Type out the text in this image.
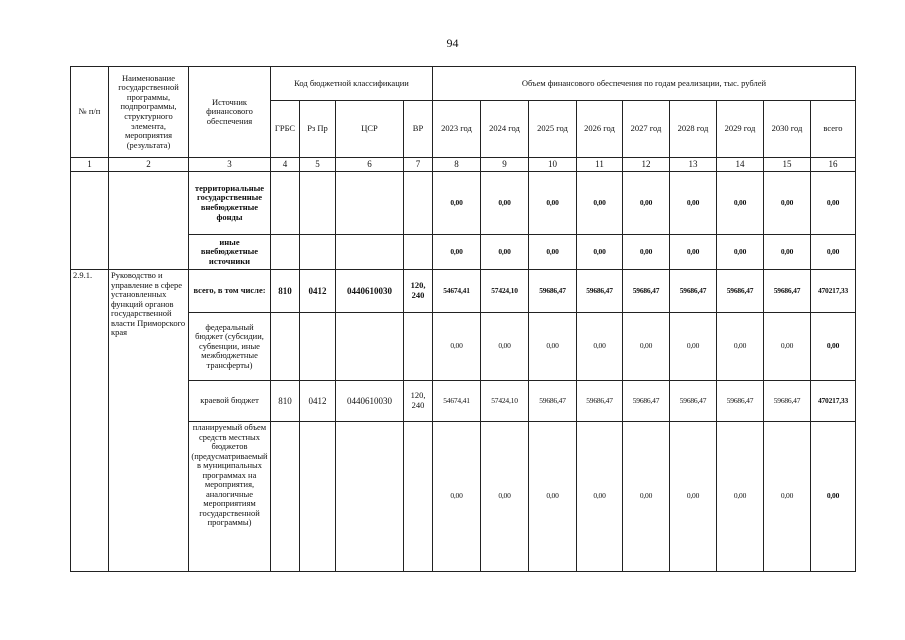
94
№ п/п	Наименование государственной программы, подпрограммы, структурного элемента, мероприятия (результата)	Источник финансового обеспечения	Код бюджетной классификации				Объем финансового обеспечения по годам реализации, тыс. рублей								
			ГРБС	Рз Пр	ЦСР	ВР	2023 год	2024 год	2025 год	2026 год	2027 год	2028 год	2029 год	2030 год	всего
1	2	3	4	5	6	7	8	9	10	11	12	13	14	15	16
		территориальные государственные внебюджетные фонды					0,00	0,00	0,00	0,00	0,00	0,00	0,00	0,00	0,00
		иные внебюджетные источники					0,00	0,00	0,00	0,00	0,00	0,00	0,00	0,00	0,00
2.9.1.	Руководство и управление в сфере установленных функций органов государственной власти Приморского края	всего, в том числе:	810	0412	0440610030	120, 240	54674,41	57424,10	59686,47	59686,47	59686,47	59686,47	59686,47	59686,47	470217,33
		федеральный бюджет (субсидии, субвенции, иные межбюджетные трансферты)					0,00	0,00	0,00	0,00	0,00	0,00	0,00	0,00	0,00
		краевой бюджет	810	0412	0440610030	120, 240	54674,41	57424,10	59686,47	59686,47	59686,47	59686,47	59686,47	59686,47	470217,33
		планируемый объем средств местных бюджетов (предусматриваемый в муниципальных программах на мероприятия, аналогичные мероприятиям государственной программы)					0,00	0,00	0,00	0,00	0,00	0,00	0,00	0,00	0,00
